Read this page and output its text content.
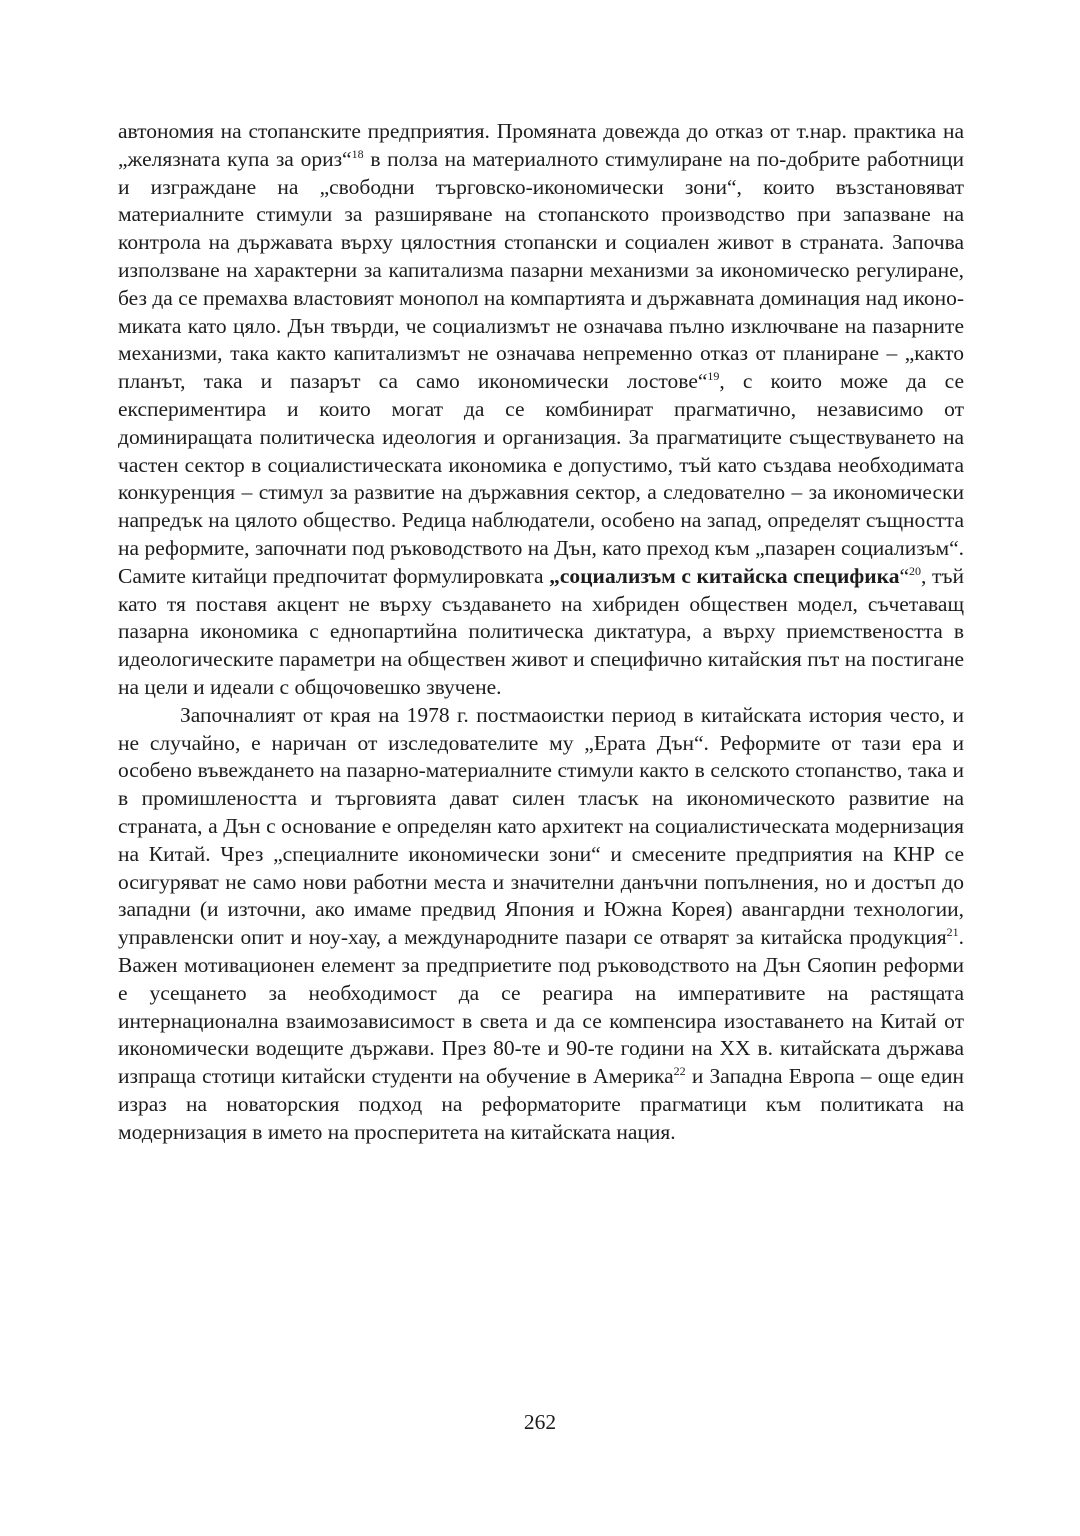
автономия на стопанските предприятия. Промяната довежда до отказ от т.нар. практика на „желязната купа за ориз“$^{18}$ в полза на материалното стимулиране на по-добрите работници и изграждане на „свободни търговско-икономически зони“, които възстановяват материалните стимули за разширяване на стопанското производство при запазване на контрола на държавата върху цялостния стопански и социален живот в страната. Започва използване на характерни за капитализма пазарни механизми за икономическо регулиране, без да се премахва властовият монопол на компартията и държавната доминация над икономиката като цяло. Дън твърди, че социализмът не означава пълно изключване на пазарните механизми, така както капитализмът не означава непременно отказ от планиране – „както планът, така и пазарът са само икономически лостове“$^{19}$, с които може да се експериментира и които могат да се комбинират прагматично, независимо от доминиращата политическа идеология и организация. За прагматиците съществуването на частен сектор в социалистическата икономика е допустимо, тъй като създава необходимата конкуренция – стимул за развитие на държавния сектор, а следователно – за икономически напредък на цялото общество. Редица наблюдатели, особено на запад, определят същността на реформите, започнати под ръководството на Дън, като преход към „пазарен социализъм“. Самите китайци предпочитат формулировката „социализъм с китайска специфика“$^{20}$, тъй като тя поставя акцент не върху създаването на хибриден обществен модел, съчетаващ пазарна икономика с еднопартийна политическа диктатура, а върху приемствеността в идеологическите параметри на обществен живот и специфично китайския път на постигане на цели и идеали с общочовешко звучене.

Започналият от края на 1978 г. постмаоистки период в китайската история често, и не случайно, е наричан от изследователите му „Ерата Дън“. Реформите от тази ера и особено въвеждането на пазарно-материалните стимули както в селското стопанство, така и в промишлеността и търговията дават силен тласък на икономическото развитие на страната, а Дън с основание е определян като архитект на социалистическата модернизация на Китай. Чрез „специалните икономически зони“ и смесените предприятия на КНР се осигуряват не само нови работни места и значителни данъчни попълнения, но и достъп до западни (и източни, ако имаме предвид Япония и Южна Корея) авангардни технологии, управленски опит и ноу-хау, а международните пазари се отварят за китайска продукция$^{21}$. Важен мотивационен елемент за предприетите под ръководството на Дън Сяопин реформи е усещането за необходимост да се реагира на императивите на растящата интернационална взаимозависимост в света и да се компенсира изоставането на Китай от икономически водещите държави. През 80-те и 90-те години на XX в. китайската държава изпраща стотици китайски студенти на обучение в Америка$^{22}$ и Западна Европа – още един израз на новаторския подход на реформаторите прагматици към политиката на модернизация в името на просперитета на китайската нация.

262
